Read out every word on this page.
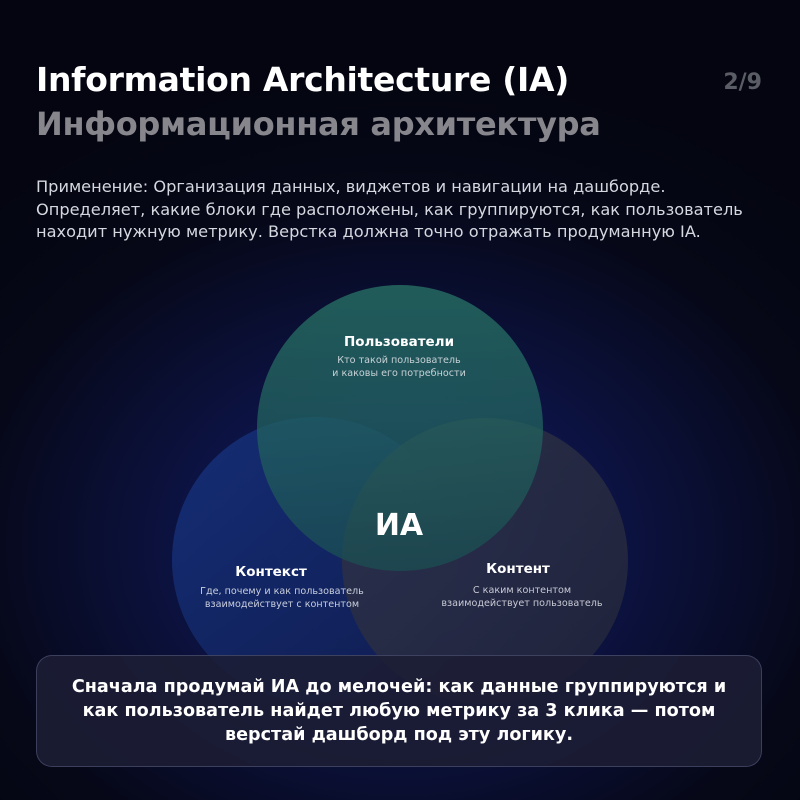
Information Architecture (IA)
Информационная архитектура
2/9

Применение: Организация данных, виджетов и навигации на дашборде. Определяет, какие блоки где расположены, как группируются, как пользователь находит нужную метрику. Верстка должна точно отражать продуманную IA.

Пользователи
Кто такой пользователь
и каковы его потребности
ИА
Контекст
Где, почему и как пользователь
взаимодействует с контентом
Контент
С каким контентом
взаимодействует пользователь

Сначала продумай ИА до мелочей: как данные группируются и как пользователь найдет любую метрику за 3 клика — потом верстай дашборд под эту логику.
